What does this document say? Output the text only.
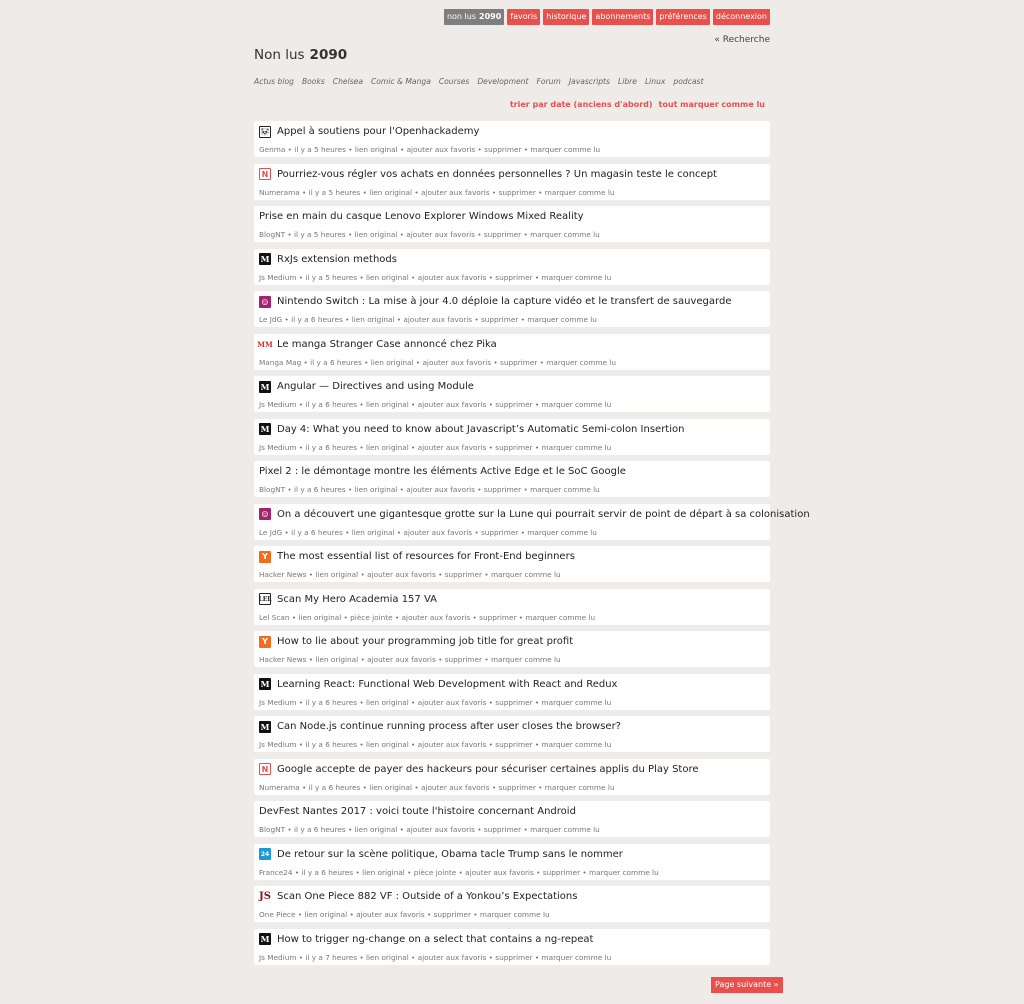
non lus 2090	favoris	historique	abonnements	préférences	déconnexion
« Recherche
Non lus 2090
Actus blog Books Chelsea Comic & Manga Courses Development Forum Javascripts Libre Linux podcast
trier par date (anciens d'abord) tout marquer comme lu
🐼 Appel à soutiens pour l'Openhackademy
Genma • il y a 5 heures • lien original • ajouter aux favoris • supprimer • marquer comme lu
N Pourriez-vous régler vos achats en données personnelles ? Un magasin teste le concept
Numerama • il y a 5 heures • lien original • ajouter aux favoris • supprimer • marquer comme lu
Prise en main du casque Lenovo Explorer Windows Mixed Reality
BlogNT • il y a 5 heures • lien original • ajouter aux favoris • supprimer • marquer comme lu
M RxJs extension methods
Js Medium • il y a 5 heures • lien original • ajouter aux favoris • supprimer • marquer comme lu
☺ Nintendo Switch : La mise à jour 4.0 déploie la capture vidéo et le transfert de sauvegarde
Le JdG • il y a 6 heures • lien original • ajouter aux favoris • supprimer • marquer comme lu
MM Le manga Stranger Case annoncé chez Pika
Manga Mag • il y a 6 heures • lien original • ajouter aux favoris • supprimer • marquer comme lu
M Angular — Directives and using Module
Js Medium • il y a 6 heures • lien original • ajouter aux favoris • supprimer • marquer comme lu
M Day 4: What you need to know about Javascript’s Automatic Semi-colon Insertion
Js Medium • il y a 6 heures • lien original • ajouter aux favoris • supprimer • marquer comme lu
Pixel 2 : le démontage montre les éléments Active Edge et le SoC Google
BlogNT • il y a 6 heures • lien original • ajouter aux favoris • supprimer • marquer comme lu
☺ On a découvert une gigantesque grotte sur la Lune qui pourrait servir de point de départ à sa colonisation
Le JdG • il y a 6 heures • lien original • ajouter aux favoris • supprimer • marquer comme lu
Y The most essential list of resources for Front-End beginners
Hacker News • lien original • ajouter aux favoris • supprimer • marquer comme lu
LEL Scan My Hero Academia 157 VA
Lel Scan • lien original • pièce jointe • ajouter aux favoris • supprimer • marquer comme lu
Y How to lie about your programming job title for great profit
Hacker News • lien original • ajouter aux favoris • supprimer • marquer comme lu
M Learning React: Functional Web Development with React and Redux
Js Medium • il y a 6 heures • lien original • ajouter aux favoris • supprimer • marquer comme lu
M Can Node.js continue running process after user closes the browser?
Js Medium • il y a 6 heures • lien original • ajouter aux favoris • supprimer • marquer comme lu
N Google accepte de payer des hackeurs pour sécuriser certaines applis du Play Store
Numerama • il y a 6 heures • lien original • ajouter aux favoris • supprimer • marquer comme lu
DevFest Nantes 2017 : voici toute l'histoire concernant Android
BlogNT • il y a 6 heures • lien original • ajouter aux favoris • supprimer • marquer comme lu
24 De retour sur la scène politique, Obama tacle Trump sans le nommer
France24 • il y a 6 heures • lien original • pièce jointe • ajouter aux favoris • supprimer • marquer comme lu
JS Scan One Piece 882 VF : Outside of a Yonkou’s Expectations
One Piece • lien original • ajouter aux favoris • supprimer • marquer comme lu
M How to trigger ng-change on a select that contains a ng-repeat
Js Medium • il y a 7 heures • lien original • ajouter aux favoris • supprimer • marquer comme lu
Page suivante »
